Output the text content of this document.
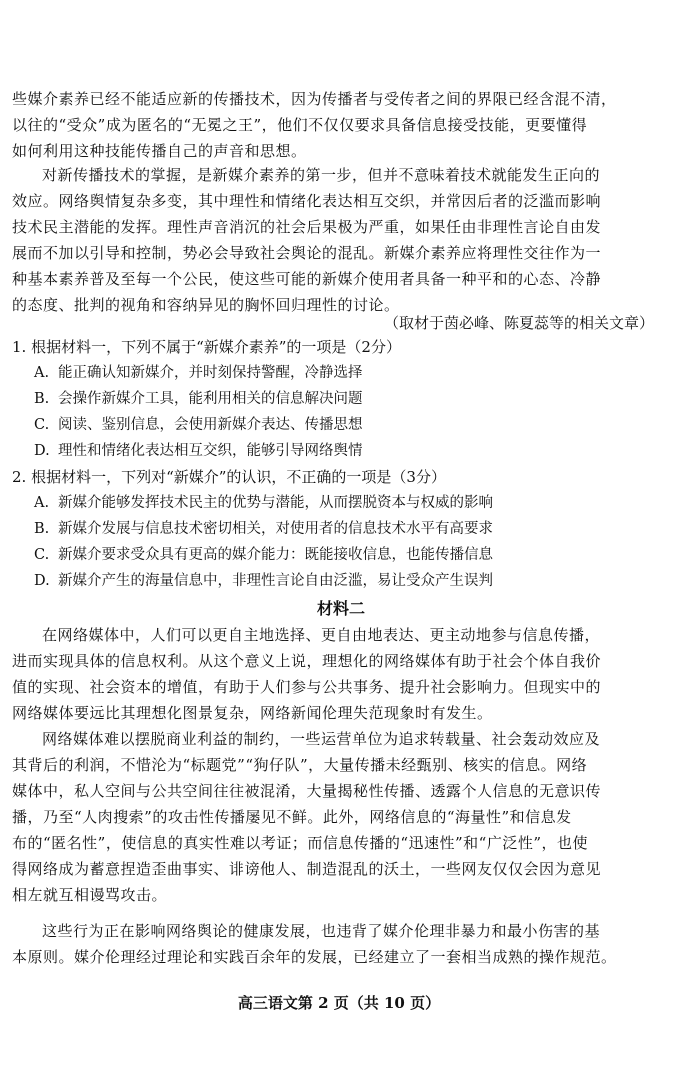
些媒介素养已经不能适应新的传播技术，因为传播者与受传者之间的界限已经含混不清，
以往的“受众”成为匿名的“无冕之王”，他们不仅仅要求具备信息接受技能，更要懂得
如何利用这种技能传播自己的声音和思想。
对新传播技术的掌握，是新媒介素养的第一步，但并不意味着技术就能发生正向的
效应。网络舆情复杂多变，其中理性和情绪化表达相互交织，并常因后者的泛滥而影响
技术民主潜能的发挥。理性声音消沉的社会后果极为严重，如果任由非理性言论自由发
展而不加以引导和控制，势必会导致社会舆论的混乱。新媒介素养应将理性交往作为一
种基本素养普及至每一个公民，使这些可能的新媒介使用者具备一种平和的心态、冷静
的态度、批判的视角和容纳异见的胸怀回归理性的讨论。
（取材于茵必峰、陈夏蕊等的相关文章）
1. 根据材料一，下列不属于“新媒介素养”的一项是（2分）
A. 能正确认知新媒介，并时刻保持警醒，冷静选择
B. 会操作新媒介工具，能利用相关的信息解决问题
C. 阅读、鉴别信息，会使用新媒介表达、传播思想
D. 理性和情绪化表达相互交织，能够引导网络舆情
2. 根据材料一，下列对“新媒介”的认识，不正确的一项是（3分）
A. 新媒介能够发挥技术民主的优势与潜能，从而摆脱资本与权威的影响
B. 新媒介发展与信息技术密切相关，对使用者的信息技术水平有高要求
C. 新媒介要求受众具有更高的媒介能力：既能接收信息，也能传播信息
D. 新媒介产生的海量信息中，非理性言论自由泛滥，易让受众产生误判
材料二
在网络媒体中，人们可以更自主地选择、更自由地表达、更主动地参与信息传播，
进而实现具体的信息权利。从这个意义上说，理想化的网络媒体有助于社会个体自我价
值的实现、社会资本的增值，有助于人们参与公共事务、提升社会影响力。但现实中的
网络媒体要远比其理想化图景复杂，网络新闻伦理失范现象时有发生。
网络媒体难以摆脱商业利益的制约，一些运营单位为追求转载量、社会轰动效应及
其背后的利润，不惜沦为“标题党”“狗仔队”，大量传播未经甄别、核实的信息。网络
媒体中，私人空间与公共空间往往被混淆，大量揭秘性传播、透露个人信息的无意识传
播，乃至“人肉搜索”的攻击性传播屡见不鲜。此外，网络信息的“海量性”和信息发
布的“匿名性”，使信息的真实性难以考证；而信息传播的“迅速性”和“广泛性”，也使
得网络成为蓄意捏造歪曲事实、诽谤他人、制造混乱的沃土，一些网友仅仅会因为意见
相左就互相谩骂攻击。
这些行为正在影响网络舆论的健康发展，也违背了媒介伦理非暴力和最小伤害的基
本原则。媒介伦理经过理论和实践百余年的发展，已经建立了一套相当成熟的操作规范。
高三语文第 2 页（共 10 页）
